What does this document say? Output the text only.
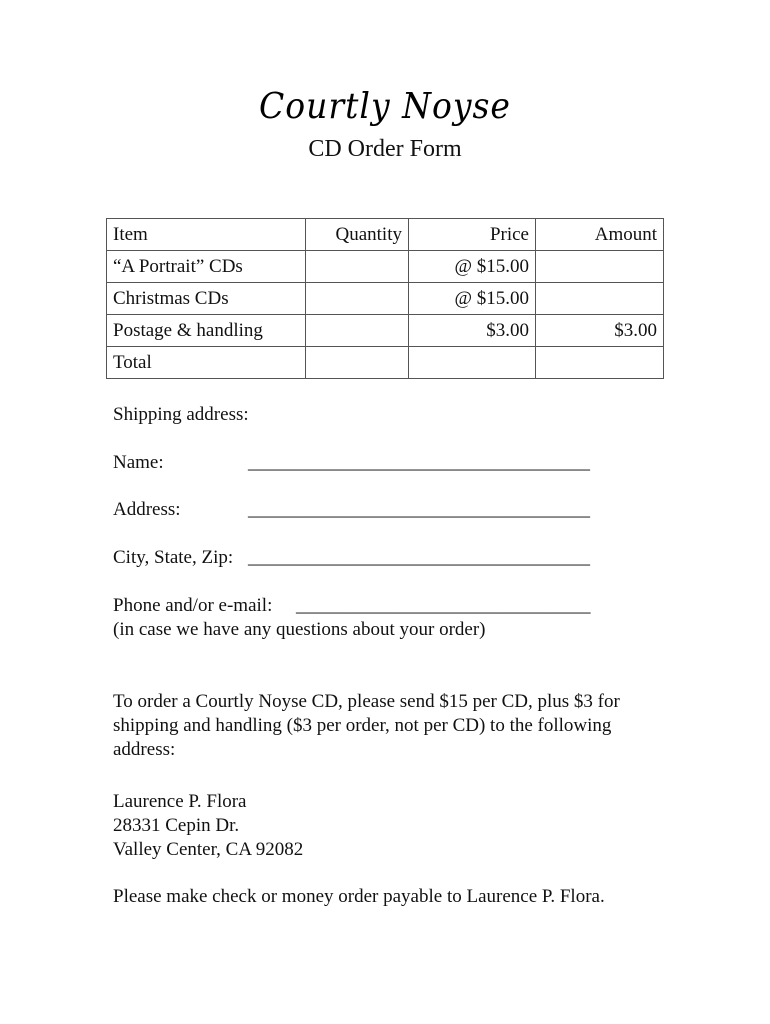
Courtly Noyse
CD Order Form
Item	Quantity	Price	Amount
“A Portrait” CDs		@ $15.00	
Christmas CDs		@ $15.00	
Postage & handling		$3.00	$3.00
Total			
Shipping address:
Name:	____________________________________
Address:	____________________________________
City, State, Zip: ____________________________________
Phone and/or e-mail: _______________________________
(in case we have any questions about your order)
To order a Courtly Noyse CD, please send $15 per CD, plus $3 for shipping and handling ($3 per order, not per CD) to the following address:
Laurence P. Flora
28331 Cepin Dr.
Valley Center, CA 92082
Please make check or money order payable to Laurence P. Flora.
